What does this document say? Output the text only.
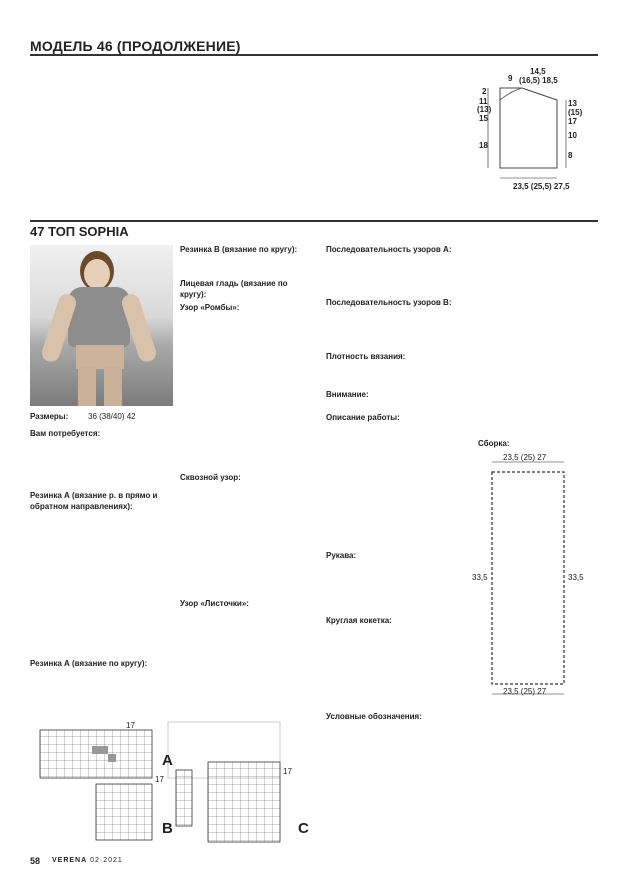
МОДЕЛЬ 46 (ПРОДОЛЖЕНИЕ)
14,5
(16,5) 18,5
9
2
11
(13)
15
13
(15)
17
10
18
8
23,5 (25,5) 27,5
47 ТОП SOPHIA
Размеры: 36 (38/40) 42
Вам потребуется:
Резинка А (вязание р. в прямо и обратном направлениях):
Резинка А (вязание по кругу):
Резинка В (вязание по кругу):
Лицевая гладь (вязание по кругу):
Узор «Ромбы»:
Сквозной узор:
Узор «Листочки»:
Последовательность узоров А:
Последовательность узоров В:
Плотность вязания:
Внимание:
Описание работы:
Рукава:
Круглая кокетка:
Сборка:
23,5 (25) 27
33,5	33,5
23,5 (25) 27
A
B	C
17
17
17
Условные обозначения:
58 VERENA 02·2021
